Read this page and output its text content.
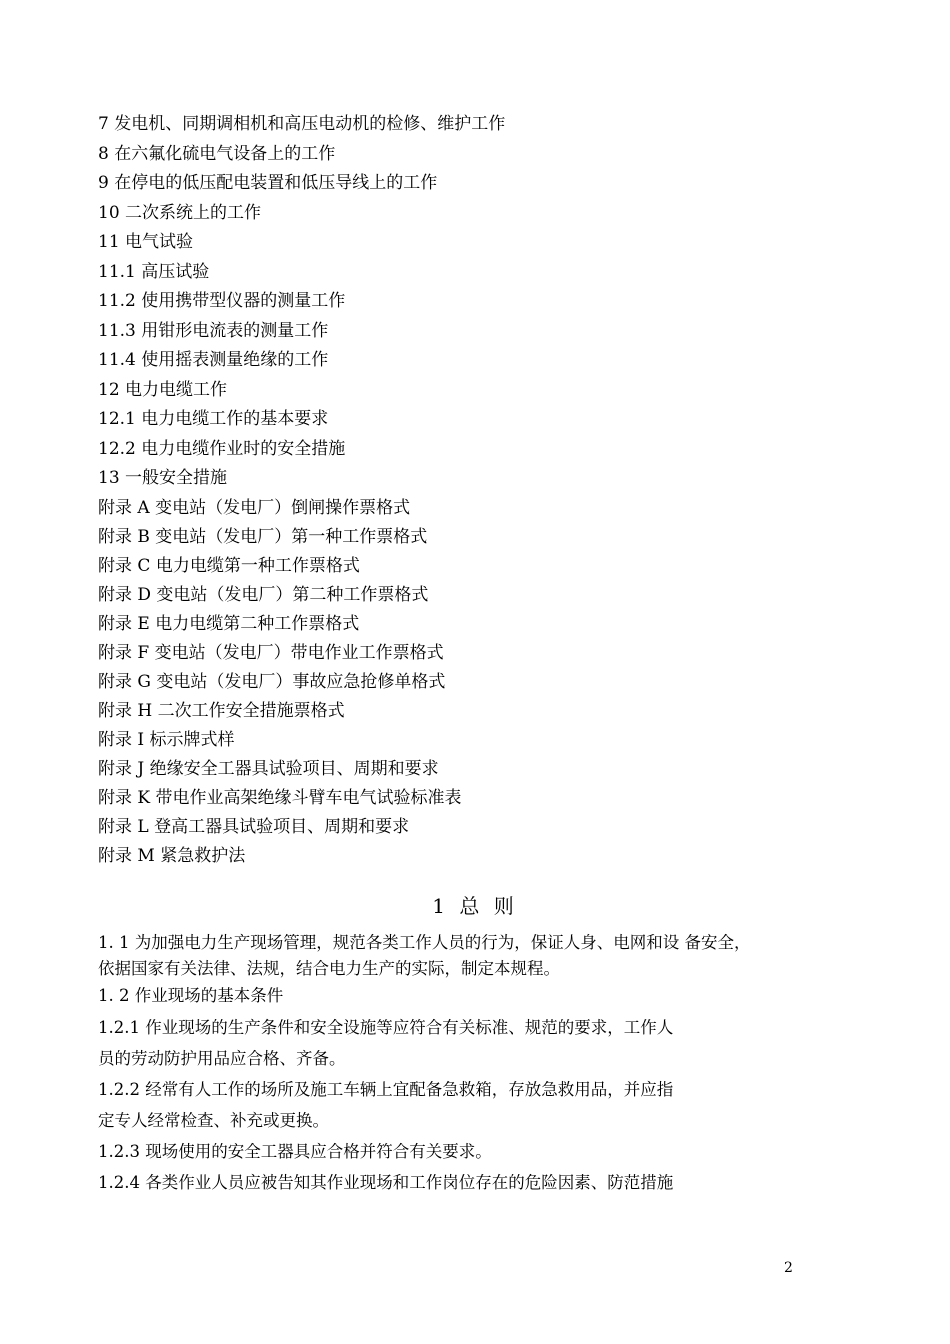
7 发电机、同期调相机和高压电动机的检修、维护工作
8 在六氟化硫电气设备上的工作
9 在停电的低压配电装置和低压导线上的工作
10 二次系统上的工作
11 电气试验
11.1 高压试验
11.2 使用携带型仪器的测量工作
11.3 用钳形电流表的测量工作
11.4 使用摇表测量绝缘的工作
12 电力电缆工作
12.1 电力电缆工作的基本要求
12.2 电力电缆作业时的安全措施
13 一般安全措施
附录 A 变电站（发电厂）倒闸操作票格式
附录 B 变电站（发电厂）第一种工作票格式
附录 C 电力电缆第一种工作票格式
附录 D 变电站（发电厂）第二种工作票格式
附录 E 电力电缆第二种工作票格式
附录 F 变电站（发电厂）带电作业工作票格式
附录 G 变电站（发电厂）事故应急抢修单格式
附录 H 二次工作安全措施票格式
附录 I 标示牌式样
附录 J 绝缘安全工器具试验项目、周期和要求
附录 K 带电作业高架绝缘斗臂车电气试验标准表
附录 L 登高工器具试验项目、周期和要求
附录 M 紧急救护法
1 总 则
1. 1 为加强电力生产现场管理，规范各类工作人员的行为，保证人身、电网和设 备安全，
依据国家有关法律、法规，结合电力生产的实际，制定本规程。
1. 2 作业现场的基本条件
1.2.1 作业现场的生产条件和安全设施等应符合有关标准、规范的要求，工作人
员的劳动防护用品应合格、齐备。
1.2.2 经常有人工作的场所及施工车辆上宜配备急救箱，存放急救用品，并应指
定专人经常检查、补充或更换。
1.2.3 现场使用的安全工器具应合格并符合有关要求。
1.2.4 各类作业人员应被告知其作业现场和工作岗位存在的危险因素、防范措施
2
